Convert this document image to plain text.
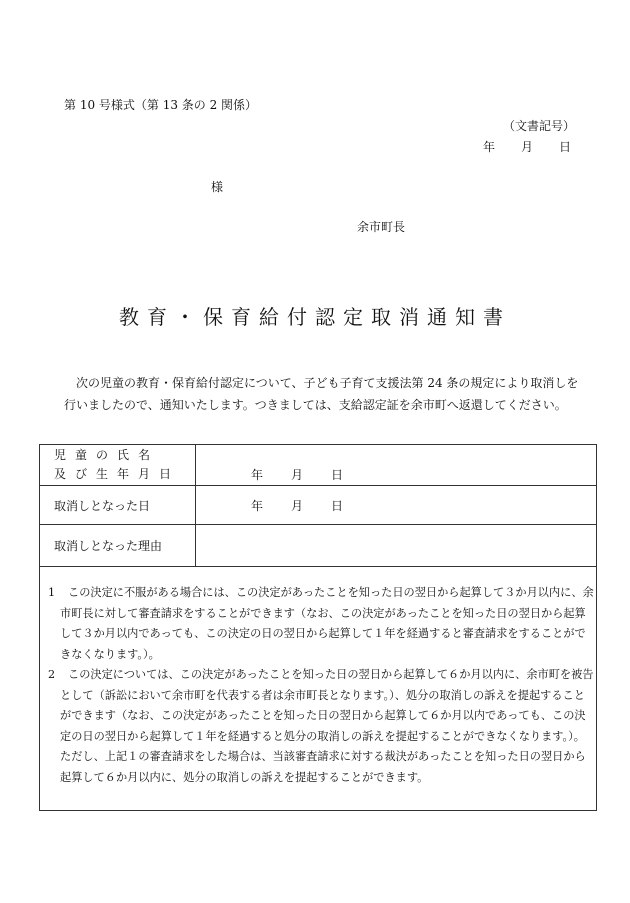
第 10 号様式（第 13 条の 2 関係）
（文書記号）
年 月 日
様
余市町長
教育・保育給付認定取消通知書
次の児童の教育・保育給付認定について、子ども子育て支援法第 24 条の規定により取消しを行いましたので、通知いたします。つきましては、支給認定証を余市町へ返還してください。
児童の氏名
及び生年月日	年 月 日

取消しとなった日	年 月 日
取消しとなった理由	
1 この決定に不服がある場合には、この決定があったことを知った日の翌日から起算して３か月以内に、余市町長に対して審査請求をすることができます（なお、この決定があったことを知った日の翌日から起算して３か月以内であっても、この決定の日の翌日から起算して１年を経過すると審査請求をすることができなくなります。）。
2 この決定については、この決定があったことを知った日の翌日から起算して６か月以内に、余市町を被告として（訴訟において余市町を代表する者は余市町長となります。）、処分の取消しの訴えを提起することができます（なお、この決定があったことを知った日の翌日から起算して６か月以内であっても、この決定の日の翌日から起算して１年を経過すると処分の取消しの訴えを提起することができなくなります。）。ただし、上記１の審査請求をした場合は、当該審査請求に対する裁決があったことを知った日の翌日から起算して６か月以内に、処分の取消しの訴えを提起することができます。
